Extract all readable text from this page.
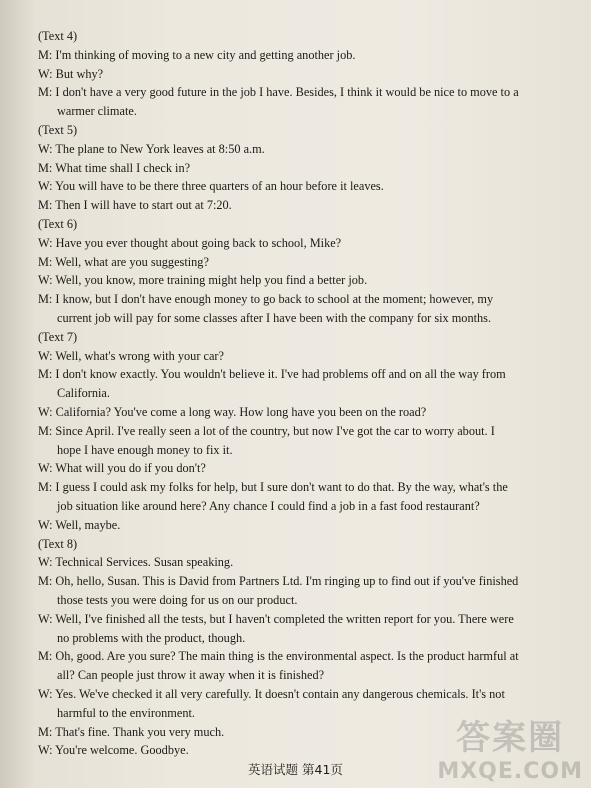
(Text 4)
M: I'm thinking of moving to a new city and getting another job.
W: But why?
M: I don't have a very good future in the job I have. Besides, I think it would be nice to move to a
warmer climate.
(Text 5)
W: The plane to New York leaves at 8:50 a.m.
M: What time shall I check in?
W: You will have to be there three quarters of an hour before it leaves.
M: Then I will have to start out at 7:20.
(Text 6)
W: Have you ever thought about going back to school, Mike?
M: Well, what are you suggesting?
W: Well, you know, more training might help you find a better job.
M: I know, but I don't have enough money to go back to school at the moment; however, my
current job will pay for some classes after I have been with the company for six months.
(Text 7)
W: Well, what's wrong with your car?
M: I don't know exactly. You wouldn't believe it. I've had problems off and on all the way from
California.
W: California? You've come a long way. How long have you been on the road?
M: Since April. I've really seen a lot of the country, but now I've got the car to worry about. I
hope I have enough money to fix it.
W: What will you do if you don't?
M: I guess I could ask my folks for help, but I sure don't want to do that. By the way, what's the
job situation like around here? Any chance I could find a job in a fast food restaurant?
W: Well, maybe.
(Text 8)
W: Technical Services. Susan speaking.
M: Oh, hello, Susan. This is David from Partners Ltd. I'm ringing up to find out if you've finished
those tests you were doing for us on our product.
W: Well, I've finished all the tests, but I haven't completed the written report for you. There were
no problems with the product, though.
M: Oh, good. Are you sure? The main thing is the environmental aspect. Is the product harmful at
all? Can people just throw it away when it is finished?
W: Yes. We've checked it all very carefully. It doesn't contain any dangerous chemicals. It's not
harmful to the environment.
M: That's fine. Thank you very much.
W: You're welcome. Goodbye.
英语试题 第41页
答案圈
MXQE.COM
